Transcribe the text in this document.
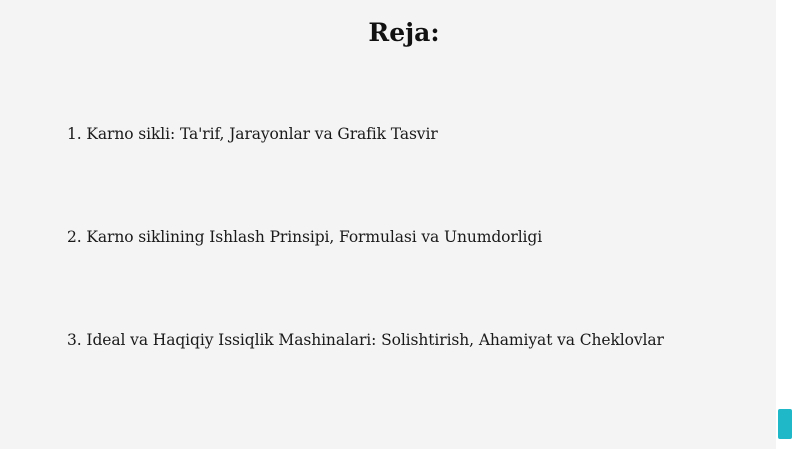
Reja:
1. Karno sikli: Ta'rif, Jarayonlar va Grafik Tasvir
2. Karno siklining Ishlash Prinsipi, Formulasi va Unumdorligi
3. Ideal va Haqiqiy Issiqlik Mashinalari: Solishtirish, Ahamiyat va Cheklovlar
